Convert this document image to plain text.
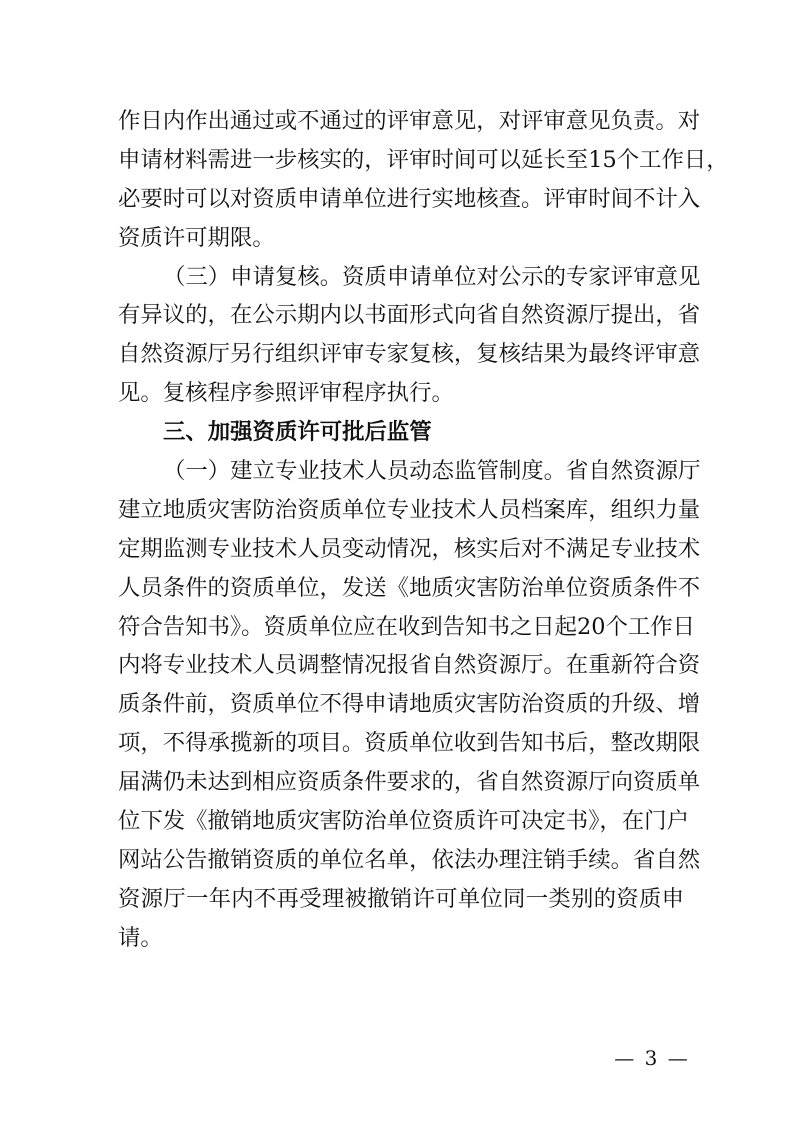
作日内作出通过或不通过的评审意见，对评审意见负责。对
申请材料需进一步核实的，评审时间可以延长至15个工作日，
必要时可以对资质申请单位进行实地核查。评审时间不计入
资质许可期限。
（三）申请复核。资质申请单位对公示的专家评审意见
有异议的，在公示期内以书面形式向省自然资源厅提出，省
自然资源厅另行组织评审专家复核，复核结果为最终评审意
见。复核程序参照评审程序执行。
三、加强资质许可批后监管
（一）建立专业技术人员动态监管制度。省自然资源厅
建立地质灾害防治资质单位专业技术人员档案库，组织力量
定期监测专业技术人员变动情况，核实后对不满足专业技术
人员条件的资质单位，发送《地质灾害防治单位资质条件不
符合告知书》。资质单位应在收到告知书之日起20个工作日
内将专业技术人员调整情况报省自然资源厅。在重新符合资
质条件前，资质单位不得申请地质灾害防治资质的升级、增
项，不得承揽新的项目。资质单位收到告知书后，整改期限
届满仍未达到相应资质条件要求的，省自然资源厅向资质单
位下发《撤销地质灾害防治单位资质许可决定书》，在门户
网站公告撤销资质的单位名单，依法办理注销手续。省自然
资源厅一年内不再受理被撤销许可单位同一类别的资质申
请。
— 3 —
